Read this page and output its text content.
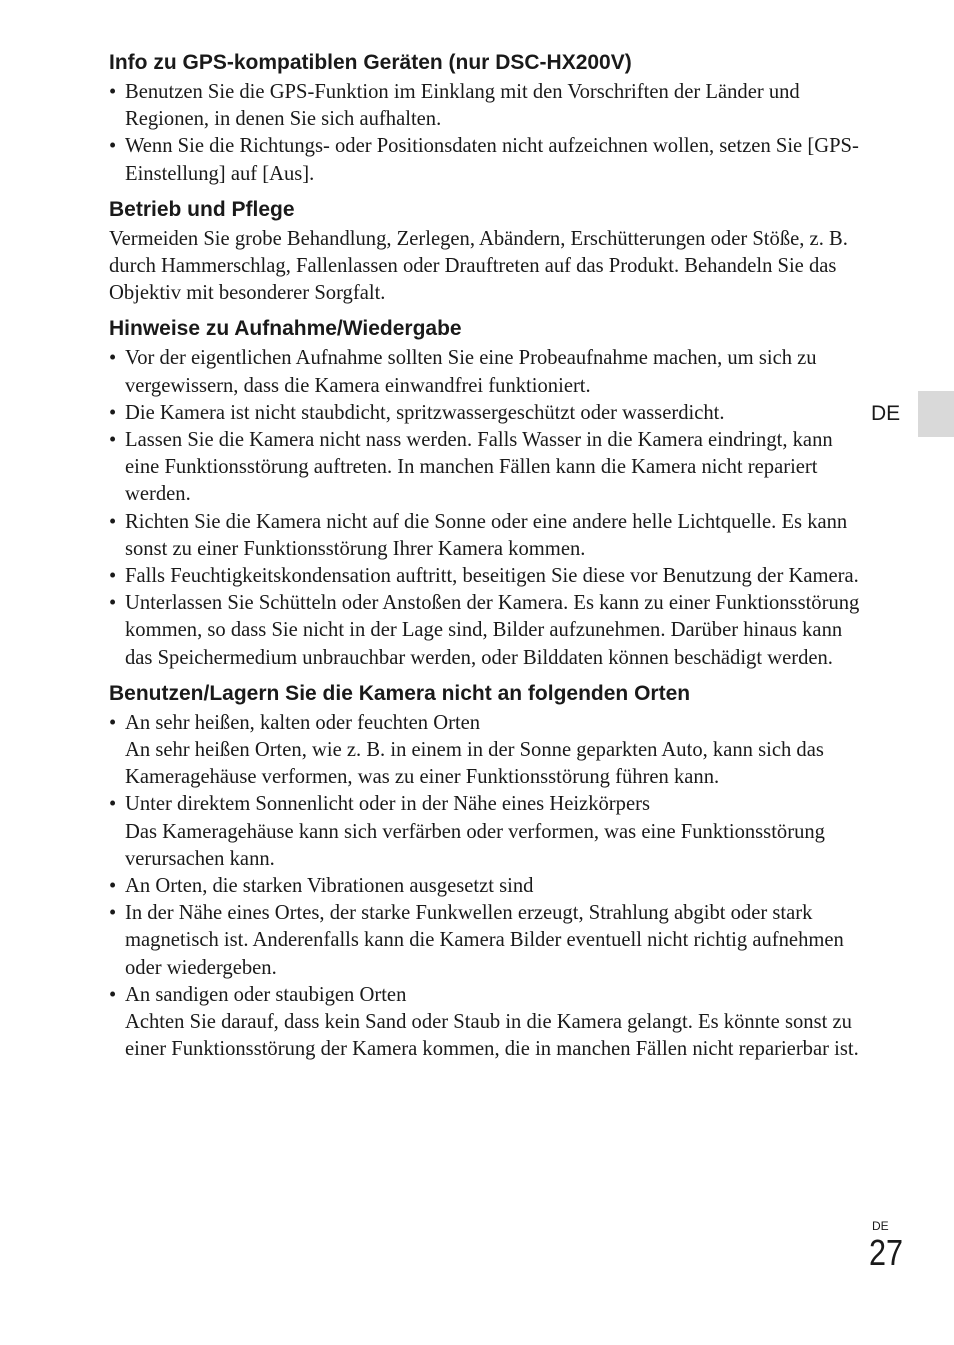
Info zu GPS-kompatiblen Geräten (nur DSC-HX200V)
• Benutzen Sie die GPS-Funktion im Einklang mit den Vorschriften der Länder und Regionen, in denen Sie sich aufhalten.
• Wenn Sie die Richtungs- oder Positionsdaten nicht aufzeichnen wollen, setzen Sie [GPS-Einstellung] auf [Aus].
Betrieb und Pflege

Vermeiden Sie grobe Behandlung, Zerlegen, Abändern, Erschütterungen oder Stöße, z. B. durch Hammerschlag, Fallenlassen oder Drauftreten auf das Produkt. Behandeln Sie das Objektiv mit besonderer Sorgfalt.

Hinweise zu Aufnahme/Wiedergabe
• Vor der eigentlichen Aufnahme sollten Sie eine Probeaufnahme machen, um sich zu vergewissern, dass die Kamera einwandfrei funktioniert.
• Die Kamera ist nicht staubdicht, spritzwassergeschützt oder wasserdicht.
• Lassen Sie die Kamera nicht nass werden. Falls Wasser in die Kamera eindringt, kann eine Funktionsstörung auftreten. In manchen Fällen kann die Kamera nicht repariert werden.
• Richten Sie die Kamera nicht auf die Sonne oder eine andere helle Lichtquelle. Es kann sonst zu einer Funktionsstörung Ihrer Kamera kommen.
• Falls Feuchtigkeitskondensation auftritt, beseitigen Sie diese vor Benutzung der Kamera.
• Unterlassen Sie Schütteln oder Anstoßen der Kamera. Es kann zu einer Funktionsstörung kommen, so dass Sie nicht in der Lage sind, Bilder aufzunehmen. Darüber hinaus kann das Speichermedium unbrauchbar werden, oder Bilddaten können beschädigt werden.
Benutzen/Lagern Sie die Kamera nicht an folgenden Orten
• An sehr heißen, kalten oder feuchten Orten
An sehr heißen Orten, wie z. B. in einem in der Sonne geparkten Auto, kann sich das Kameragehäuse verformen, was zu einer Funktionsstörung führen kann.
• Unter direktem Sonnenlicht oder in der Nähe eines Heizkörpers
Das Kameragehäuse kann sich verfärben oder verformen, was eine Funktionsstörung verursachen kann.
• An Orten, die starken Vibrationen ausgesetzt sind
• In der Nähe eines Ortes, der starke Funkwellen erzeugt, Strahlung abgibt oder stark magnetisch ist. Anderenfalls kann die Kamera Bilder eventuell nicht richtig aufnehmen oder wiedergeben.
• An sandigen oder staubigen Orten
Achten Sie darauf, dass kein Sand oder Staub in die Kamera gelangt. Es könnte sonst zu einer Funktionsstörung der Kamera kommen, die in manchen Fällen nicht reparierbar ist.
DE
DE
27
